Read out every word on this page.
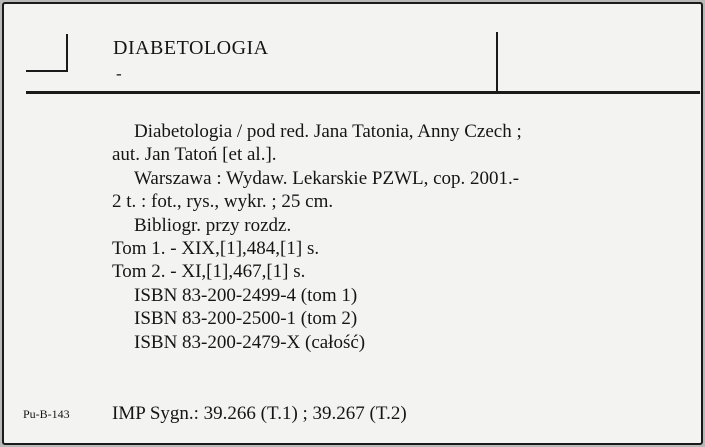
DIABETOLOGIA
-
Diabetologia / pod red. Jana Tatonia, Anny Czech ;
aut. Jan Tatoń [et al.].
Warszawa : Wydaw. Lekarskie PZWL, cop. 2001.-
2 t. : fot., rys., wykr. ; 25 cm.
Bibliogr. przy rozdz.
Tom 1. - XIX,[1],484,[1] s.
Tom 2. - XI,[1],467,[1] s.
ISBN 83-200-2499-4 (tom 1)
ISBN 83-200-2500-1 (tom 2)
ISBN 83-200-2479-X (całość)
Pu-B-143 IMP Sygn.: 39.266 (T.1) ; 39.267 (T.2)
